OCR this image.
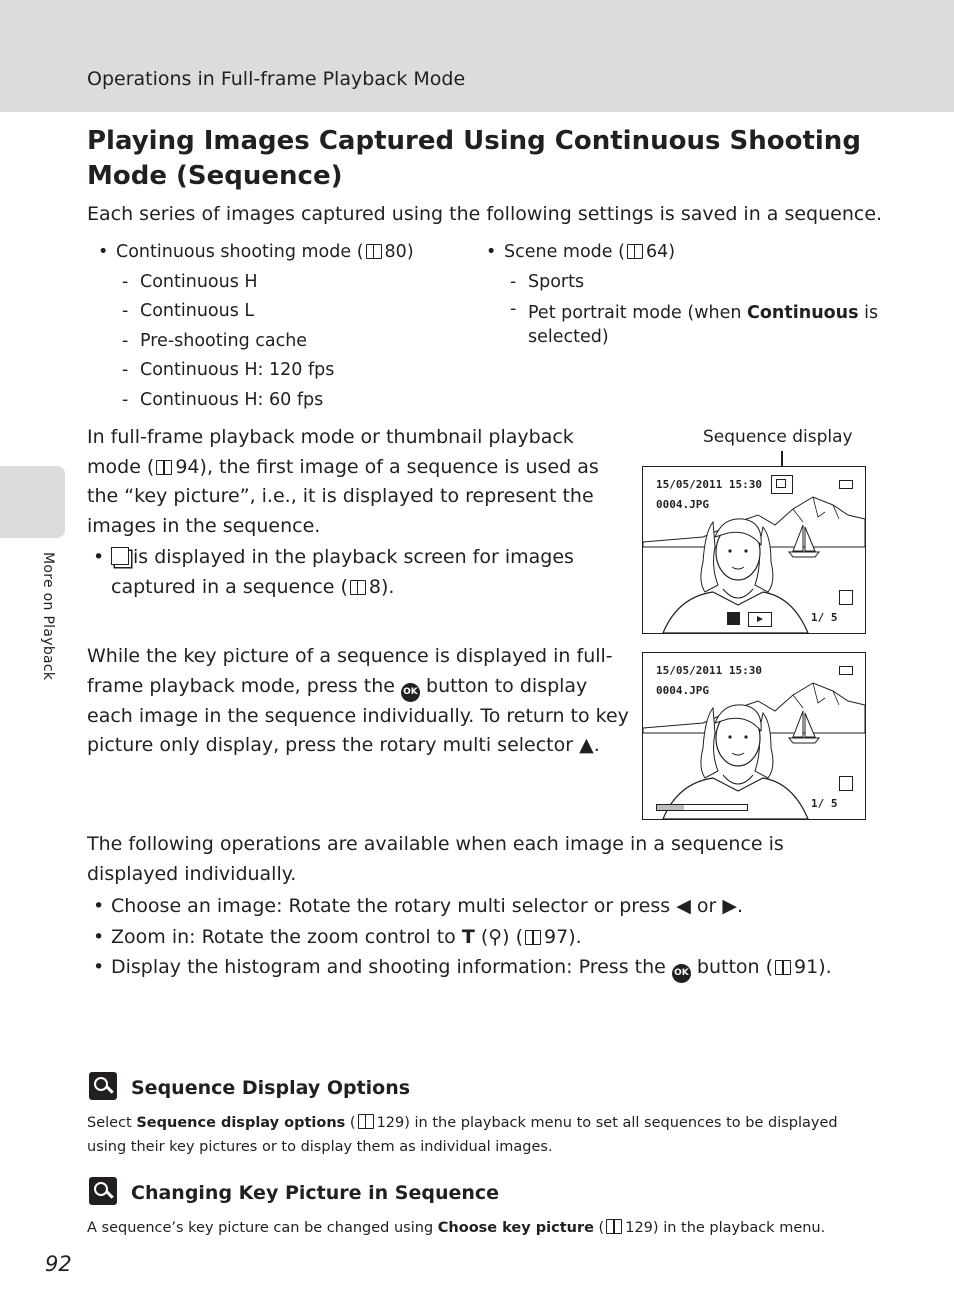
Operations in Full-frame Playback Mode
More on Playback
Playing Images Captured Using Continuous Shooting Mode (Sequence)

Each series of images captured using the following settings is saved in a sequence.

• Continuous shooting mode ( 80)
- Continuous H
- Continuous L
- Pre-shooting cache
- Continuous H: 120 fps
- Continuous H: 60 fps
• Scene mode ( 64)
- Sports
- Pet portrait mode (when Continuous is selected)

In full-frame playback mode or thumbnail playback mode ( 94), the first image of a sequence is used as the “key picture”, i.e., it is displayed to represent the images in the sequence.

• is displayed in the playback screen for images captured in a sequence ( 8).
Sequence display
15/05/2011 15:30
0004.JPG
1/ 5

While the key picture of a sequence is displayed in full-frame playback mode, press the OK button to display each image in the sequence individually. To return to key picture only display, press the rotary multi selector ▲.

15/05/2011 15:30
0004.JPG
1/ 5

The following operations are available when each image in a sequence is displayed individually.

• Choose an image: Rotate the rotary multi selector or press ◀ or ▶.
• Zoom in: Rotate the zoom control to T (⚲) ( 97).
• Display the histogram and shooting information: Press the OK button ( 91).
Sequence Display Options

Select Sequence display options ( 129) in the playback menu to set all sequences to be displayed using their key pictures or to display them as individual images.

Changing Key Picture in Sequence

A sequence’s key picture can be changed using Choose key picture ( 129) in the playback menu.

92
